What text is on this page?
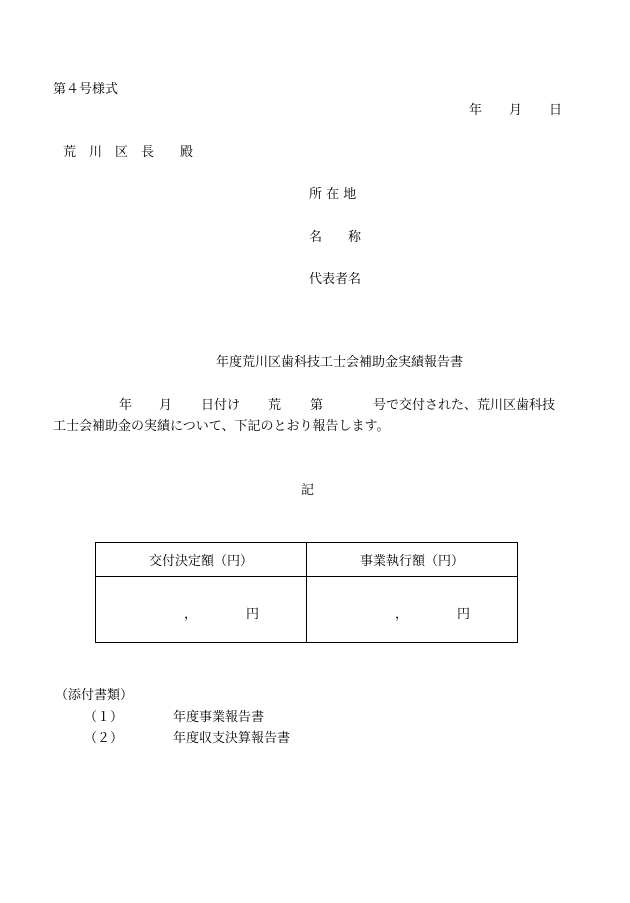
第４号様式
年 月 日
荒　川　区　長　　殿
所 在 地
名　　称
代表者名
年度荒川区歯科技工士会補助金実績報告書
年 月 日付け 荒 第	号で交付された、荒川区歯科技
工士会補助金の実績について、下記のとおり報告します。
記
交付決定額（円）	事業執行額（円）

， 円	， 円
（添付書類）
（１）	年度事業報告書
（２）	年度収支決算報告書
